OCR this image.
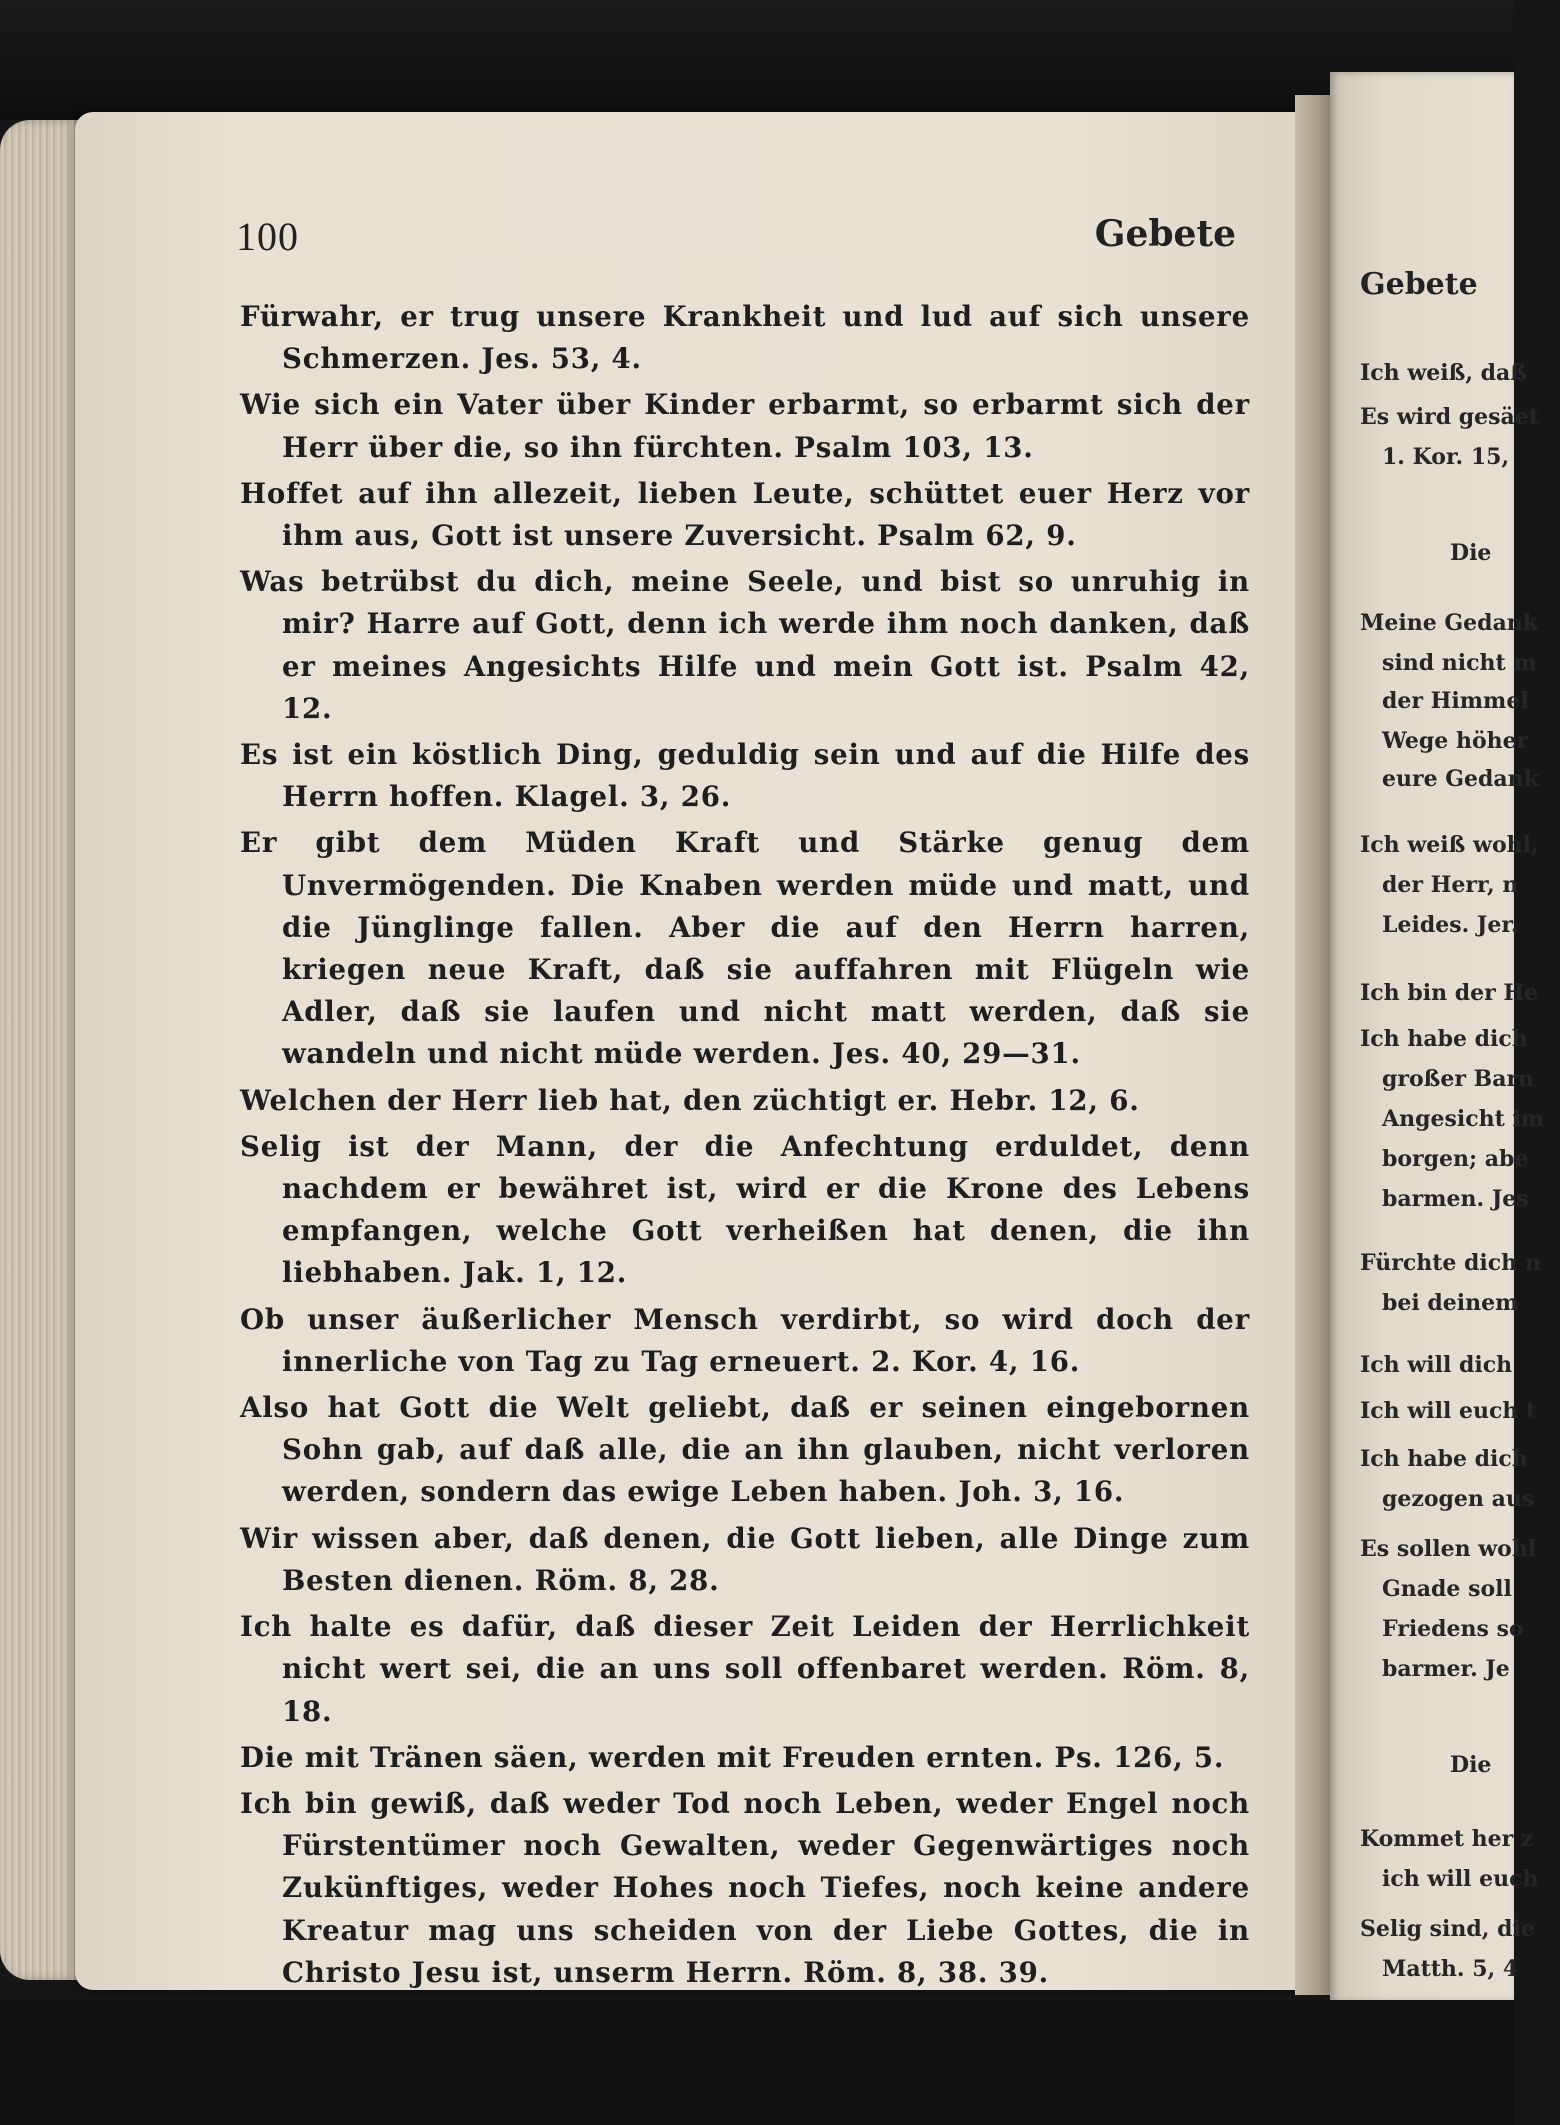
Gebete
Ich weiß, daß
Es wird gesäet
1. Kor. 15,
Die
Meine Gedank
sind nicht m
der Himmel
Wege höher
eure Gedank
Ich weiß wohl,
der Herr, n
Leides. Jer.
Ich bin der He
Ich habe dich
großer Barn
Angesicht im
borgen; abe
barmen. Jes
Fürchte dich n
bei deinem
Ich will dich
Ich will euch t
Ich habe dich
gezogen aus
Es sollen wohl
Gnade soll
Friedens so
barmer. Je
Die
Kommet her z
ich will euch
Selig sind, die
Matth. 5, 4
100	Gebete

Fürwahr, er trug unsere Krankheit und lud auf sich unsere Schmerzen. Jes. 53, 4.

Wie sich ein Vater über Kinder erbarmt, so erbarmt sich der Herr über die, so ihn fürchten. Psalm 103, 13.

Hoffet auf ihn allezeit, lieben Leute, schüttet euer Herz vor ihm aus, Gott ist unsere Zuversicht. Psalm 62, 9.

Was betrübst du dich, meine Seele, und bist so unruhig in mir? Harre auf Gott, denn ich werde ihm noch danken, daß er meines Angesichts Hilfe und mein Gott ist. Psalm 42, 12.

Es ist ein köstlich Ding, geduldig sein und auf die Hilfe des Herrn hoffen. Klagel. 3, 26.

Er gibt dem Müden Kraft und Stärke genug dem Unvermögenden. Die Knaben werden müde und matt, und die Jünglinge fallen. Aber die auf den Herrn harren, kriegen neue Kraft, daß sie auffahren mit Flügeln wie Adler, daß sie laufen und nicht matt werden, daß sie wandeln und nicht müde werden. Jes. 40, 29—31.

Welchen der Herr lieb hat, den züchtigt er. Hebr. 12, 6.

Selig ist der Mann, der die Anfechtung erduldet, denn nachdem er bewähret ist, wird er die Krone des Lebens empfangen, welche Gott verheißen hat denen, die ihn liebhaben. Jak. 1, 12.

Ob unser äußerlicher Mensch verdirbt, so wird doch der innerliche von Tag zu Tag erneuert. 2. Kor. 4, 16.

Also hat Gott die Welt geliebt, daß er seinen eingebornen Sohn gab, auf daß alle, die an ihn glauben, nicht verloren werden, sondern das ewige Leben haben. Joh. 3, 16.

Wir wissen aber, daß denen, die Gott lieben, alle Dinge zum Besten dienen. Röm. 8, 28.

Ich halte es dafür, daß dieser Zeit Leiden der Herrlichkeit nicht wert sei, die an uns soll offenbaret werden. Röm. 8, 18.

Die mit Tränen säen, werden mit Freuden ernten. Ps. 126, 5.

Ich bin gewiß, daß weder Tod noch Leben, weder Engel noch Fürstentümer noch Gewalten, weder Gegenwärtiges noch Zukünftiges, weder Hohes noch Tiefes, noch keine andere Kreatur mag uns scheiden von der Liebe Gottes, die in Christo Jesu ist, unserm Herrn. Röm. 8, 38. 39.
